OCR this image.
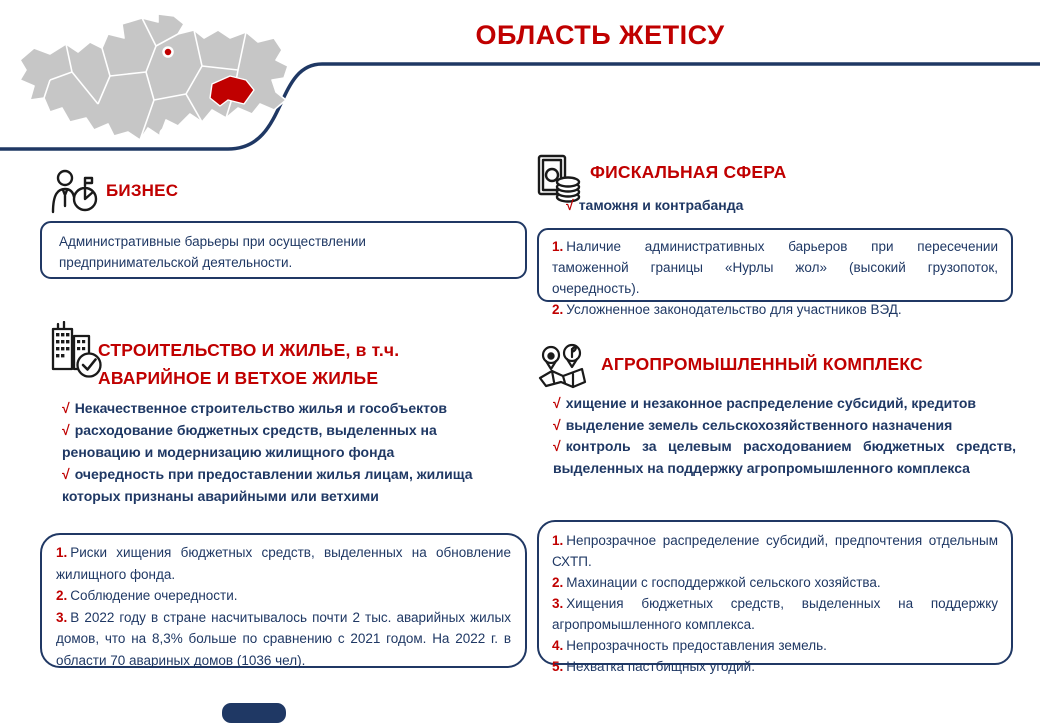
ОБЛАСТЬ ЖЕТІСУ
БИЗНЕС
Административные барьеры при осуществлении предпринимательской деятельности.
ФИСКАЛЬНАЯ СФЕРА
√ таможня и контрабанда
1. Наличие административных барьеров при пересечении таможенной границы «Нурлы жол» (высокий грузопоток, очередность).
2. Усложненное законодательство для участников ВЭД.
СТРОИТЕЛЬСТВО И ЖИЛЬЕ, в т.ч.
АВАРИЙНОЕ И ВЕТХОЕ ЖИЛЬЕ
√ Некачественное строительство жилья и гособъектов
√ расходование бюджетных средств, выделенных на реновацию и модернизацию жилищного фонда
√ очередность при предоставлении жилья лицам, жилища которых признаны аварийными или ветхими
1. Риски хищения бюджетных средств, выделенных на обновление жилищного фонда.
2. Соблюдение очередности.
3. В 2022 году в стране насчитывалось почти 2 тыс. аварийных жилых домов, что на 8,3% больше по сравнению с 2021 годом. На 2022 г. в области 70 авариных домов (1036 чел).
АГРОПРОМЫШЛЕННЫЙ КОМПЛЕКС
√ хищение и незаконное распределение субсидий, кредитов
√ выделение земель сельскохозяйственного назначения
√ контроль за целевым расходованием бюджетных средств, выделенных на поддержку агропромышленного комплекса
1. Непрозрачное распределение субсидий, предпочтения отдельным СХТП.
2. Махинации с господдержкой сельского хозяйства.
3. Хищения бюджетных средств, выделенных на поддержку агропромышленного комплекса.
4. Непрозрачность предоставления земель.
5. Нехватка пастбищных угодий.
